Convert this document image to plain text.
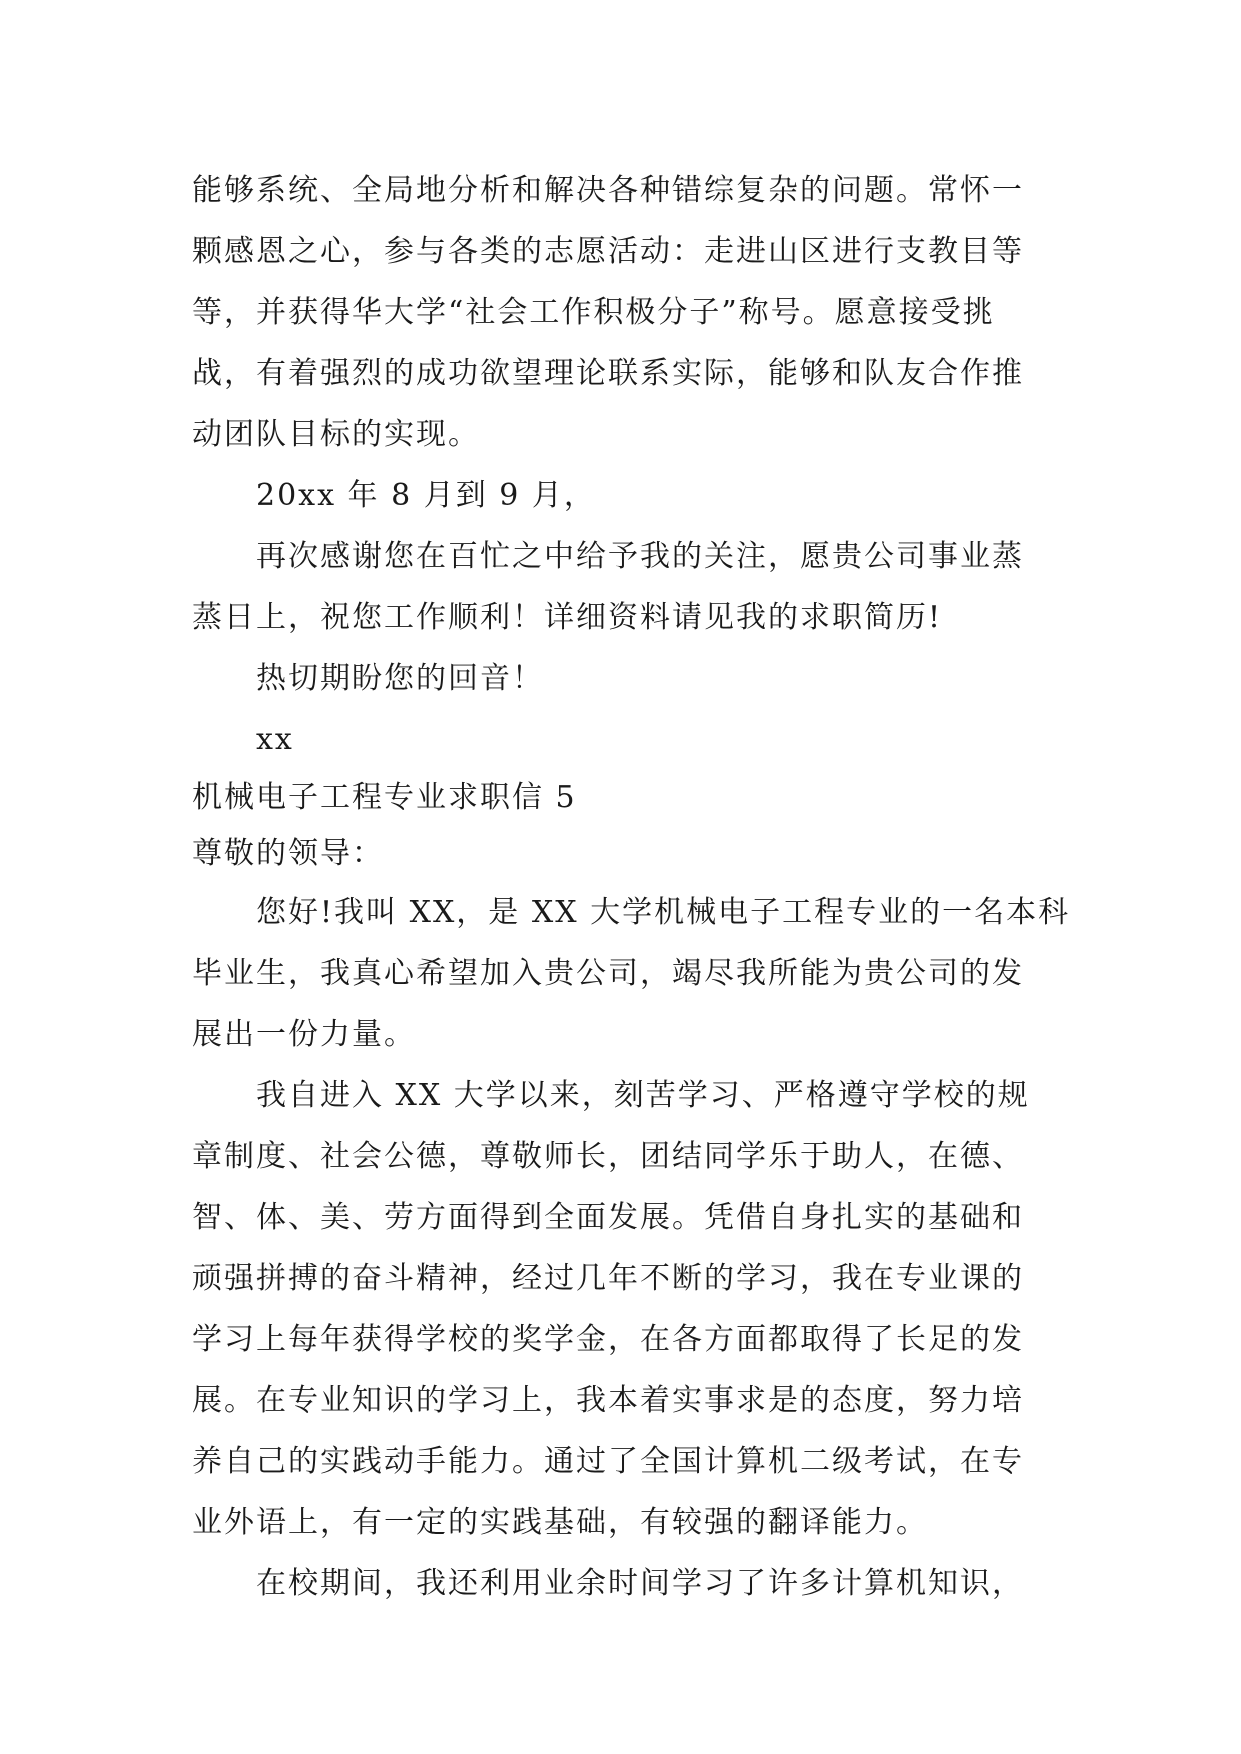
能够系统、全局地分析和解决各种错综复杂的问题。常怀一
颗感恩之心，参与各类的志愿活动：走进山区进行支教目等
等，并获得华大学“社会工作积极分子”称号。愿意接受挑
战，有着强烈的成功欲望理论联系实际，能够和队友合作推
动团队目标的实现。
20xx 年 8 月到 9 月，
再次感谢您在百忙之中给予我的关注，愿贵公司事业蒸
蒸日上，祝您工作顺利！详细资料请见我的求职简历!
热切期盼您的回音！
xx
机械电子工程专业求职信 5
尊敬的领导：
您好!我叫 XX，是 XX 大学机械电子工程专业的一名本科
毕业生，我真心希望加入贵公司，竭尽我所能为贵公司的发
展出一份力量。
我自进入 XX 大学以来，刻苦学习、严格遵守学校的规
章制度、社会公德，尊敬师长，团结同学乐于助人，在德、
智、体、美、劳方面得到全面发展。凭借自身扎实的基础和
顽强拼搏的奋斗精神，经过几年不断的学习，我在专业课的
学习上每年获得学校的奖学金，在各方面都取得了长足的发
展。在专业知识的学习上，我本着实事求是的态度，努力培
养自己的实践动手能力。通过了全国计算机二级考试，在专
业外语上，有一定的实践基础，有较强的翻译能力。
在校期间，我还利用业余时间学习了许多计算机知识，
